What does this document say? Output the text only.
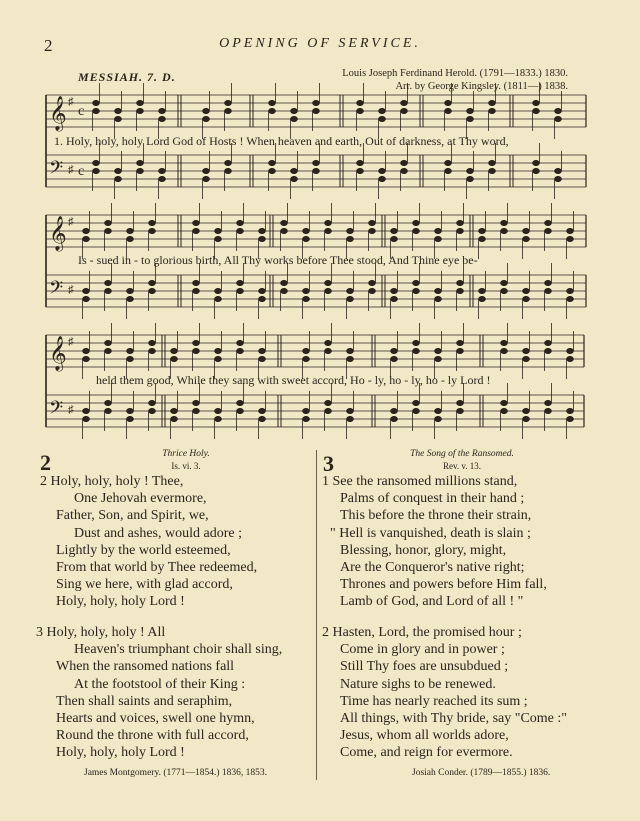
2	OPENING OF SERVICE.
MESSIAH. 7. D.	Louis Joseph Ferdinand Herold. (1791—1833.) 1830.
Arr. by George Kingsley. (1811—) 1838.
𝄞 ♯
c
𝄢 ♯ c
𝄞 ♯
𝄢 ♯
𝄞 ♯
𝄢 ♯
1. Holy, holy, holy Lord God of Hosts ! When heaven and earth, Out of darkness, at Thy word,
Is - sued in - to glorious birth, All Thy works before Thee stood, And Thine eye be-
held them good, While they sang with sweet accord, Ho - ly, ho - ly, ho - ly Lord !
2	Thrice Holy.
Is. vi. 3.
2 Holy, holy, holy ! Thee,
One Jehovah evermore,
Father, Son, and Spirit, we,
Dust and ashes, would adore ;
Lightly by the world esteemed,
From that world by Thee redeemed,
Sing we here, with glad accord,
Holy, holy, holy Lord !
3 Holy, holy, holy ! All
Heaven's triumphant choir shall sing,
When the ransomed nations fall
At the footstool of their King :
Then shall saints and seraphim,
Hearts and voices, swell one hymn,
Round the throne with full accord,
Holy, holy, holy Lord !
James Montgomery. (1771—1854.) 1836, 1853.
3	The Song of the Ransomed.
Rev. v. 13.
1 See the ransomed millions stand,
Palms of conquest in their hand ;
This before the throne their strain,
" Hell is vanquished, death is slain ;
Blessing, honor, glory, might,
Are the Conqueror's native right;
Thrones and powers before Him fall,
Lamb of God, and Lord of all ! "
2 Hasten, Lord, the promised hour ;
Come in glory and in power ;
Still Thy foes are unsubdued ;
Nature sighs to be renewed.
Time has nearly reached its sum ;
All things, with Thy bride, say "Come :"
Jesus, whom all worlds adore,
Come, and reign for evermore.
Josiah Conder. (1789—1855.) 1836.
